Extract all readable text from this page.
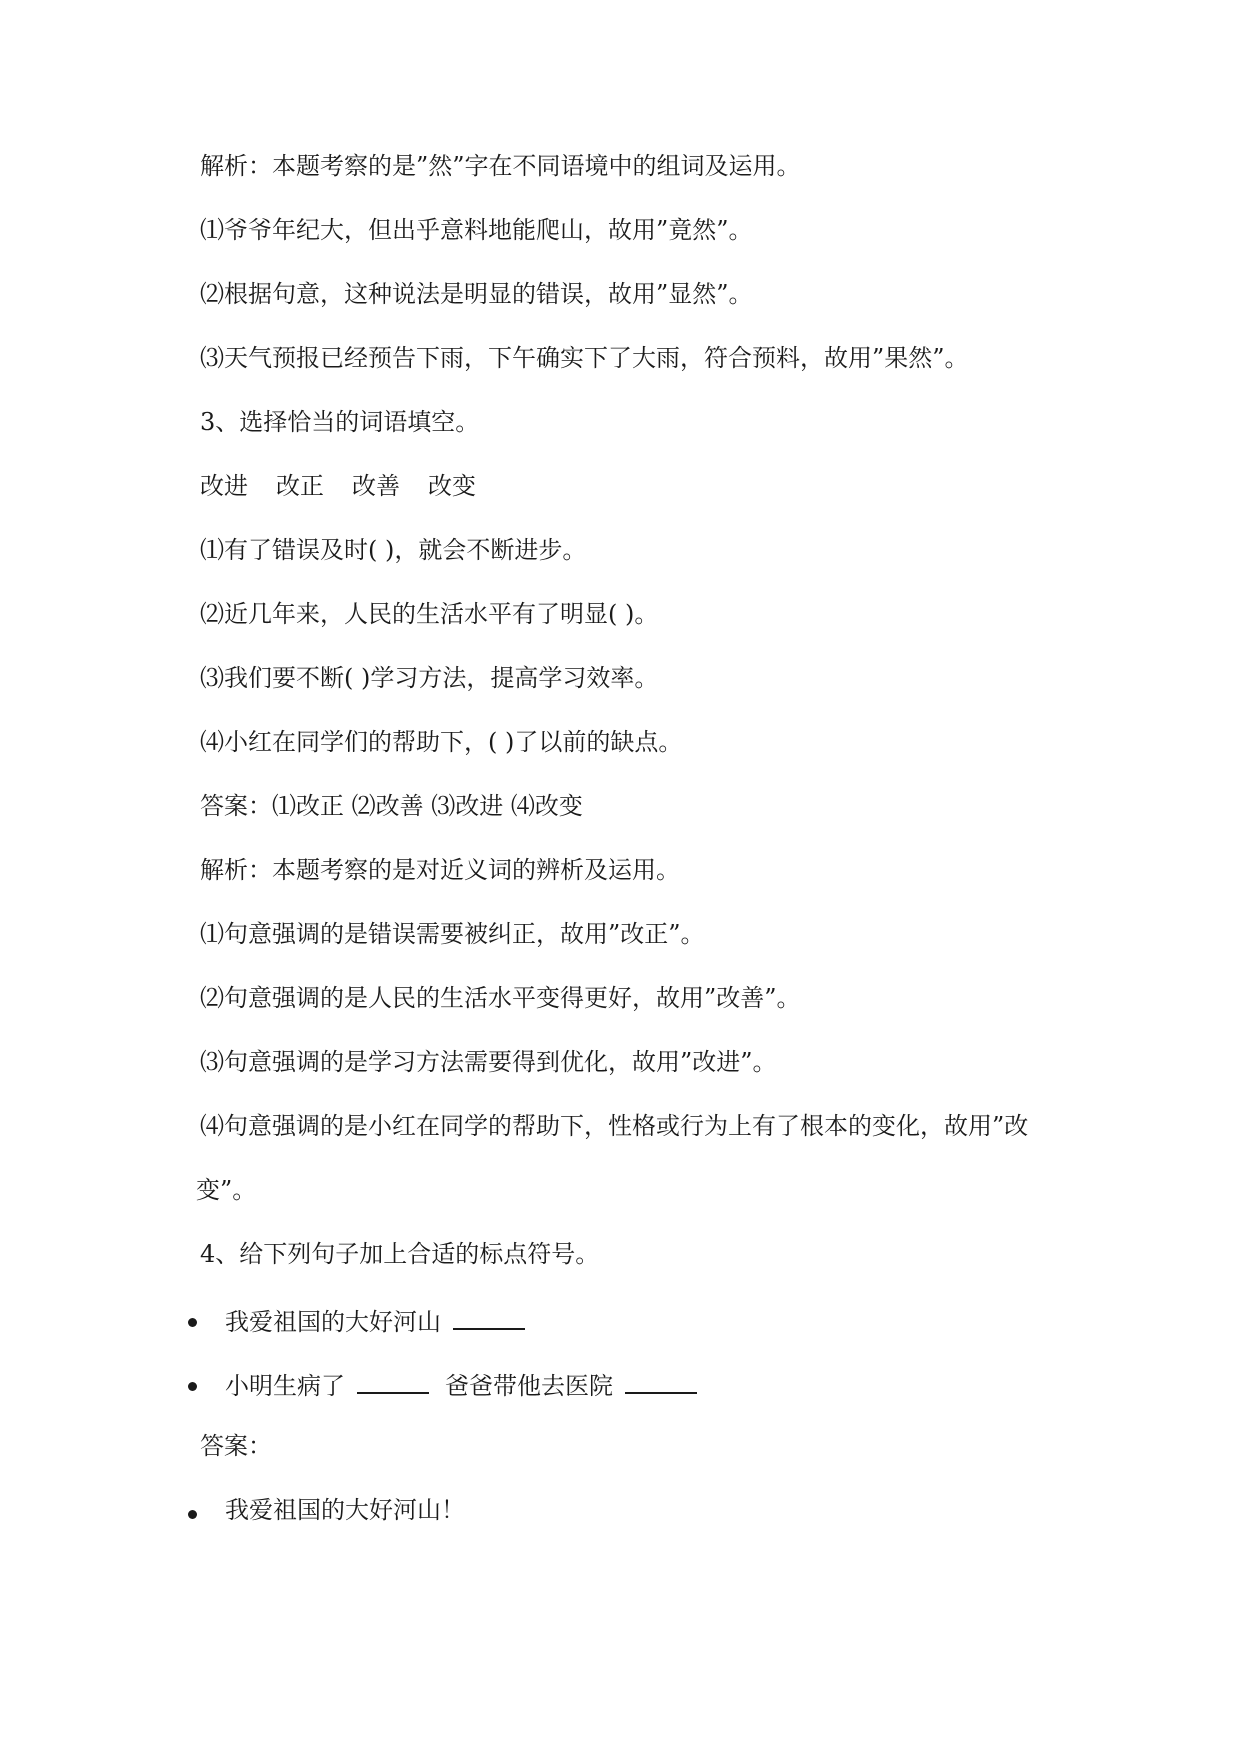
解析：本题考察的是”然”字在不同语境中的组词及运用。

⑴爷爷年纪大，但出乎意料地能爬山，故用”竟然”。

⑵根据句意，这种说法是明显的错误，故用”显然”。

⑶天气预报已经预告下雨，下午确实下了大雨，符合预料，故用”果然”。

3、选择恰当的词语填空。

改进 改正 改善 改变

⑴有了错误及时( )，就会不断进步。

⑵近几年来，人民的生活水平有了明显( )。

⑶我们要不断( )学习方法，提高学习效率。

⑷小红在同学们的帮助下，( )了以前的缺点。

答案：⑴改正 ⑵改善 ⑶改进 ⑷改变

解析：本题考察的是对近义词的辨析及运用。

⑴句意强调的是错误需要被纠正，故用”改正”。

⑵句意强调的是人民的生活水平变得更好，故用”改善”。

⑶句意强调的是学习方法需要得到优化，故用”改进”。

⑷句意强调的是小红在同学的帮助下，性格或行为上有了根本的变化，故用”改

变”。

4、给下列句子加上合适的标点符号。

我爱祖国的大好河山

小明生病了	爸爸带他去医院

答案：

我爱祖国的大好河山！
